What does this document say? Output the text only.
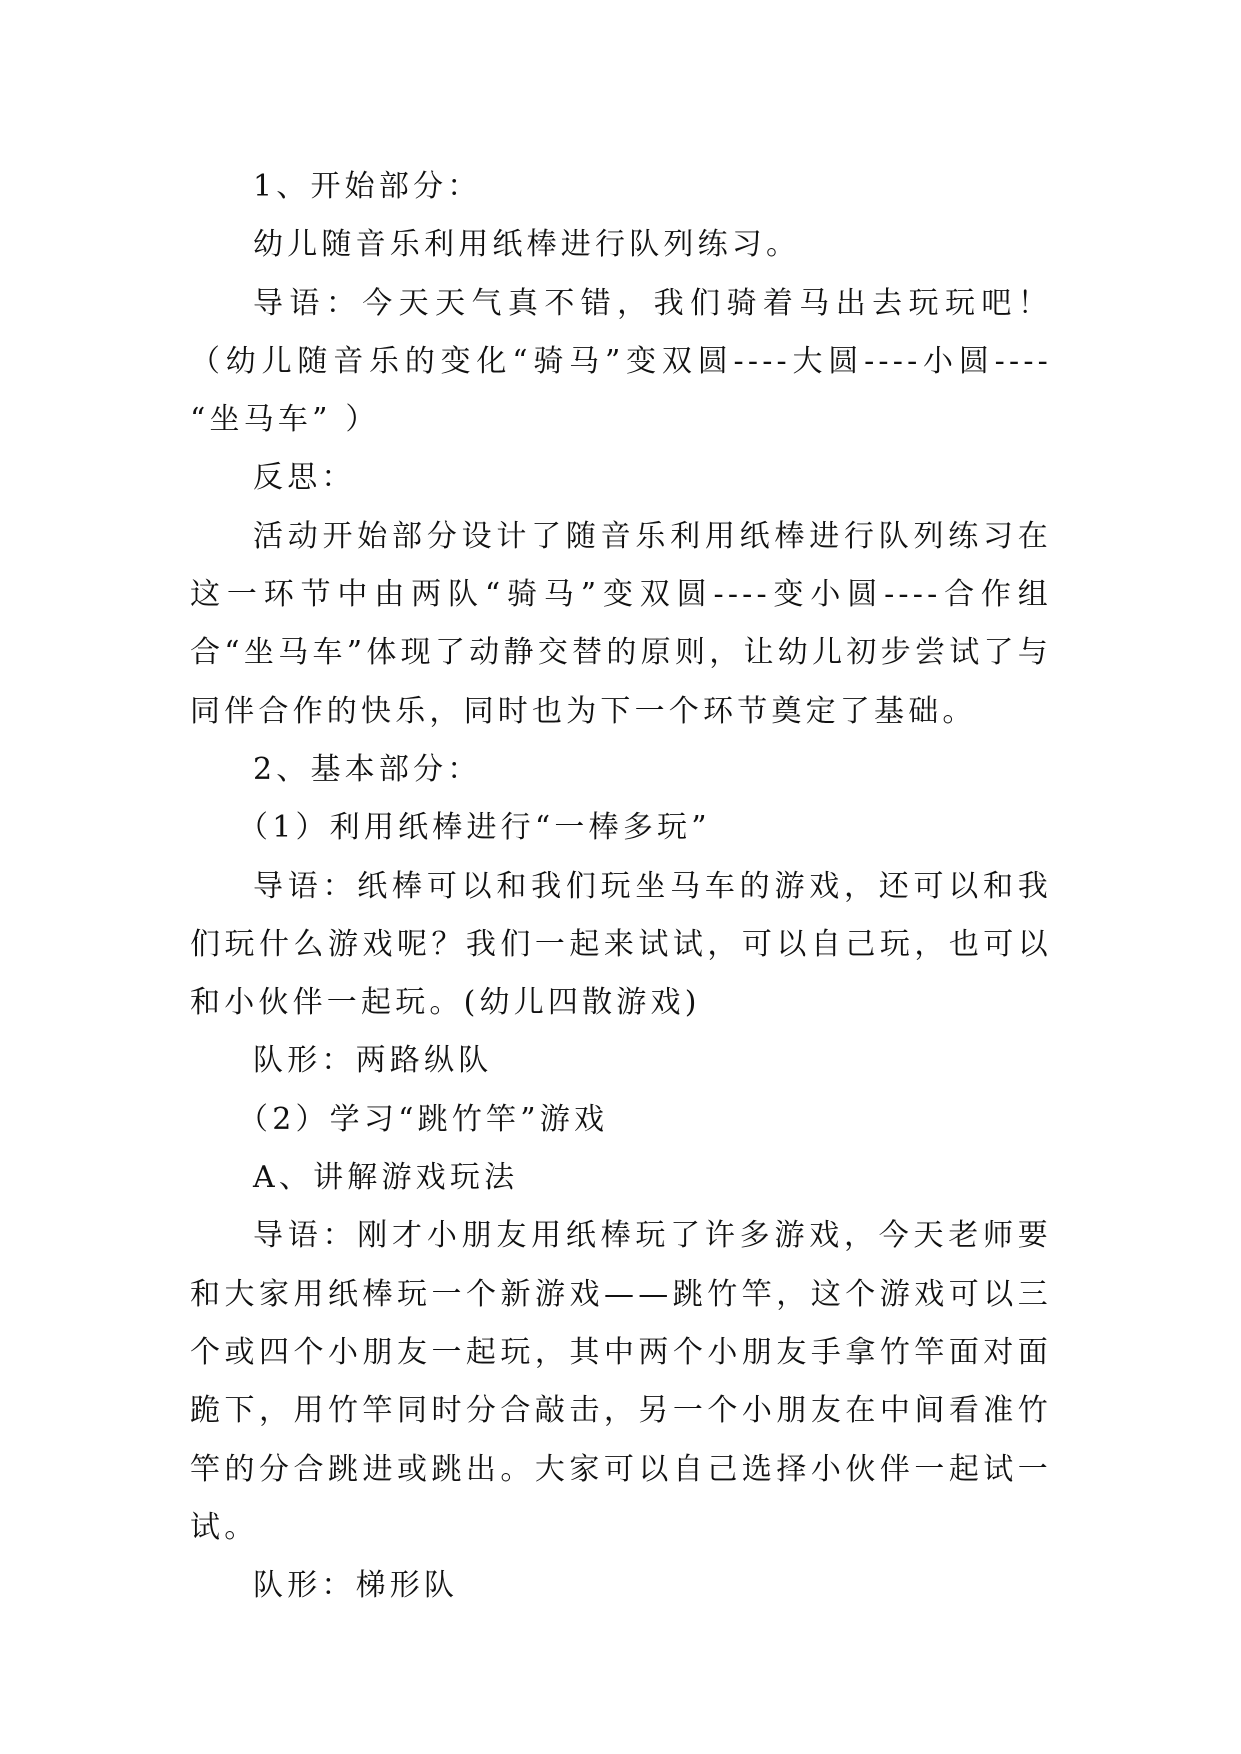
1、开始部分：

幼儿随音乐利用纸棒进行队列练习。

导语：今天天气真不错，我们骑着马出去玩玩吧！（幼儿随音乐的变化“骑马”变双圆----大圆----小圆---- “坐马车” ）

反思：

活动开始部分设计了随音乐利用纸棒进行队列练习在这一环节中由两队“骑马”变双圆----变小圆----合作组合“坐马车”体现了动静交替的原则，让幼儿初步尝试了与同伴合作的快乐，同时也为下一个环节奠定了基础。

2、基本部分：

（1）利用纸棒进行“一棒多玩”

导语：纸棒可以和我们玩坐马车的游戏，还可以和我们玩什么游戏呢？我们一起来试试，可以自己玩，也可以和小伙伴一起玩。(幼儿四散游戏)

队形：两路纵队

（2）学习“跳竹竿”游戏

A、讲解游戏玩法

导语：刚才小朋友用纸棒玩了许多游戏，今天老师要和大家用纸棒玩一个新游戏——跳竹竿，这个游戏可以三个或四个小朋友一起玩，其中两个小朋友手拿竹竿面对面跪下，用竹竿同时分合敲击，另一个小朋友在中间看准竹竿的分合跳进或跳出。大家可以自己选择小伙伴一起试一试。

队形：梯形队
